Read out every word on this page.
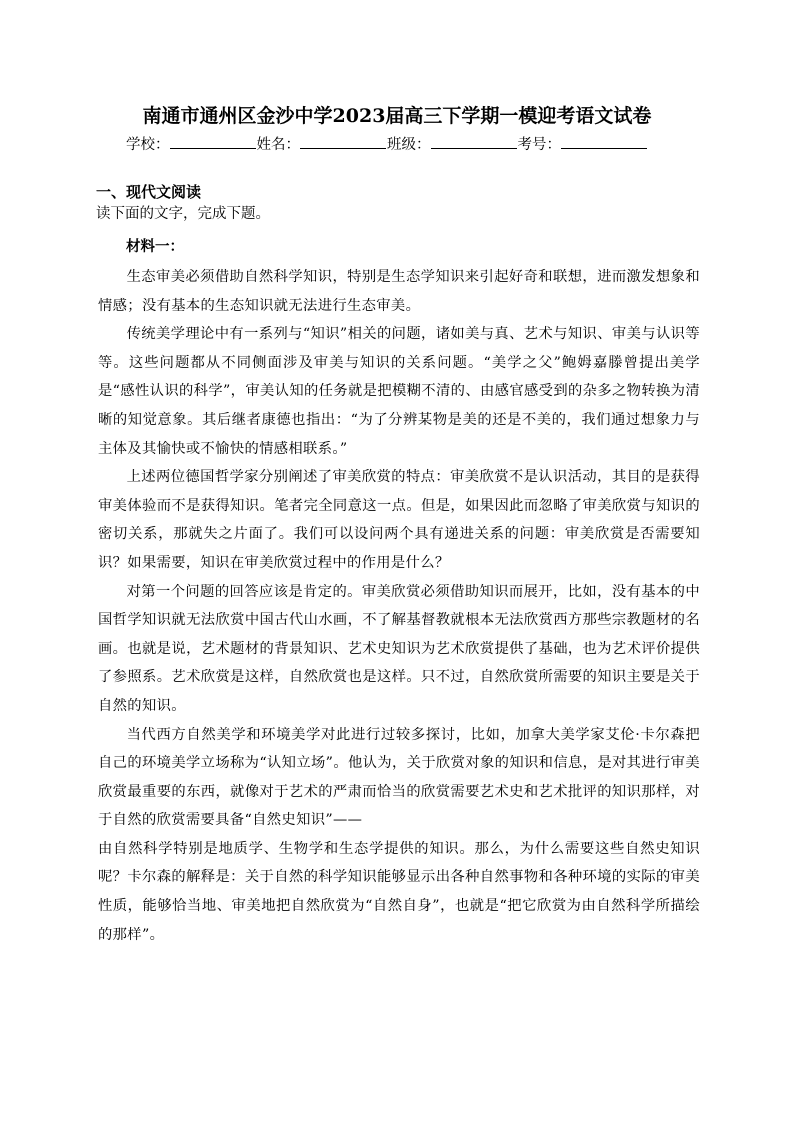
南通市通州区金沙中学2023届高三下学期一模迎考语文试卷
学校：	姓名：	班级：	考号：
一、现代文阅读
读下面的文字，完成下题。
材料一：

生态审美必须借助自然科学知识，特别是生态学知识来引起好奇和联想，进而激发想象和情感；没有基本的生态知识就无法进行生态审美。

传统美学理论中有一系列与“知识”相关的问题，诸如美与真、艺术与知识、审美与认识等等。这些问题都从不同侧面涉及审美与知识的关系问题。“美学之父”鲍姆嘉滕曾提出美学是“感性认识的科学”，审美认知的任务就是把模糊不清的、由感官感受到的杂多之物转换为清晰的知觉意象。其后继者康德也指出：“为了分辨某物是美的还是不美的，我们通过想象力与主体及其愉快或不愉快的情感相联系。”

上述两位德国哲学家分别阐述了审美欣赏的特点：审美欣赏不是认识活动，其目的是获得审美体验而不是获得知识。笔者完全同意这一点。但是，如果因此而忽略了审美欣赏与知识的密切关系，那就失之片面了。我们可以设问两个具有递进关系的问题：审美欣赏是否需要知识？如果需要，知识在审美欣赏过程中的作用是什么？

对第一个问题的回答应该是肯定的。审美欣赏必须借助知识而展开，比如，没有基本的中国哲学知识就无法欣赏中国古代山水画，不了解基督教就根本无法欣赏西方那些宗教题材的名画。也就是说，艺术题材的背景知识、艺术史知识为艺术欣赏提供了基础，也为艺术评价提供了参照系。艺术欣赏是这样，自然欣赏也是这样。只不过，自然欣赏所需要的知识主要是关于自然的知识。

当代西方自然美学和环境美学对此进行过较多探讨，比如，加拿大美学家艾伦·卡尔森把自己的环境美学立场称为“认知立场”。他认为，关于欣赏对象的知识和信息，是对其进行审美欣赏最重要的东西，就像对于艺术的严肃而恰当的欣赏需要艺术史和艺术批评的知识那样，对于自然的欣赏需要具备“自然史知识”——

由自然科学特别是地质学、生物学和生态学提供的知识。那么，为什么需要这些自然史知识呢？卡尔森的解释是：关于自然的科学知识能够显示出各种自然事物和各种环境的实际的审美性质，能够恰当地、审美地把自然欣赏为“自然自身”，也就是“把它欣赏为由自然科学所描绘的那样”。
